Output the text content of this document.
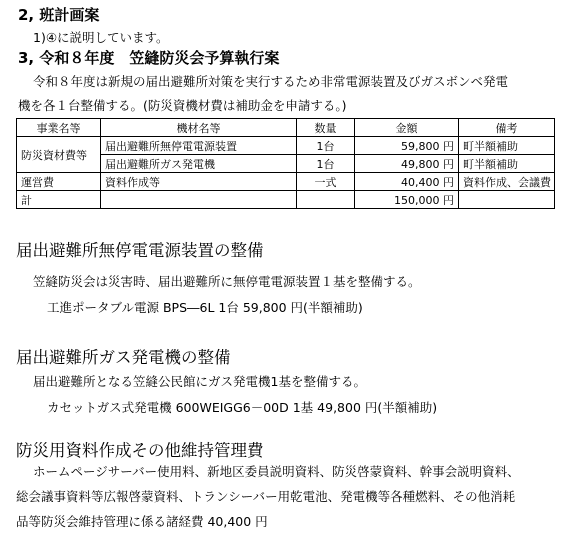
2, 班計画案
1)④に説明しています。
3, 令和８年度　笠縫防災会予算執行案
令和８年度は新規の届出避難所対策を実行するため非常電源装置及びガスボンベ発電
機を各１台整備する。(防災資機材費は補助金を申請する。)
事業名等	機材名等	数量	金額	備考
防災資材費等	届出避難所無停電電源装置	1台	59,800 円	町半額補助
	届出避難所ガス発電機	1台	49,800 円	町半額補助
運営費	資料作成等	一式	40,400 円	資料作成、会議費
計			150,000 円	
届出避難所無停電電源装置の整備
笠縫防災会は災害時、届出避難所に無停電電源装置１基を整備する。
工進ポータブル電源 BPS―6L 1台 59,800 円(半額補助)
届出避難所ガス発電機の整備
届出避難所となる笠縫公民館にガス発電機1基を整備する。
カセットガス式発電機 600WEIGG6－00D 1基 49,800 円(半額補助)
防災用資料作成その他維持管理費
ホームページサーバー使用料、新地区委員説明資料、防災啓蒙資料、幹事会説明資料、
総会議事資料等広報啓蒙資料、トランシーバー用乾電池、発電機等各種燃料、その他消耗
品等防災会維持管理に係る諸経費 40,400 円
